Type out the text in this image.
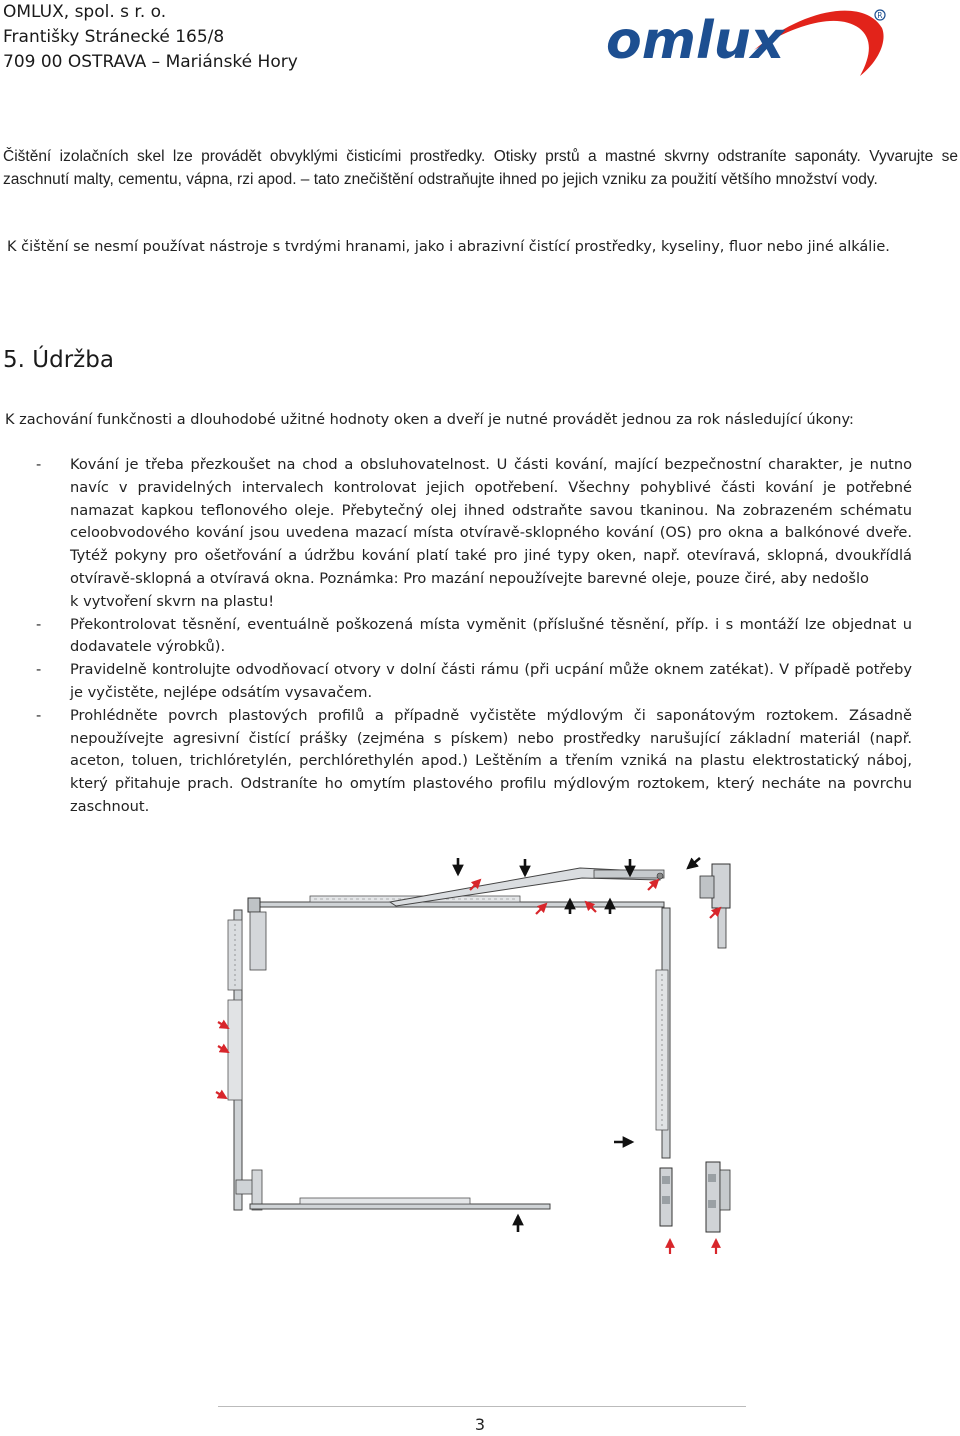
OMLUX, spol. s r. o.
Františky Stránecké 165/8
709 00 OSTRAVA – Mariánské Hory	omlux	R
Čištění izolačních skel lze provádět obvyklými čisticími prostředky. Otisky prstů a mastné skvrny odstraníte saponáty. Vyvarujte se zaschnutí malty, cementu, vápna, rzi apod. – tato znečištění odstraňujte ihned po jejich vzniku za použití většího množství vody.
K čištění se nesmí používat nástroje s tvrdými hranami, jako i abrazivní čistící prostředky, kyseliny, fluor nebo jiné alkálie.
5. Údržba
K zachování funkčnosti a dlouhodobé užitné hodnoty oken a dveří je nutné provádět jednou za rok následující úkony:
- Kování je třeba přezkoušet na chod a obsluhovatelnost. U části kování, mající bezpečnostní charakter, je nutno navíc v pravidelných intervalech kontrolovat jejich opotřebení. Všechny pohyblivé části kování je potřebné namazat kapkou teflonového oleje. Přebytečný olej ihned odstraňte savou tkaninou. Na zobrazeném schématu celoobvodového kování jsou uvedena mazací místa otvíravě-sklopného kování (OS) pro okna a balkónové dveře. Tytéž pokyny pro ošetřování a údržbu kování platí také pro jiné typy oken, např. otevíravá, sklopná, dvoukřídlá otvíravě-sklopná a otvíravá okna. Poznámka: Pro mazání nepoužívejte barevné oleje, pouze čiré, aby nedošlo
k vytvoření skvrn na plastu!
- Překontrolovat těsnění, eventuálně poškozená místa vyměnit (příslušné těsnění, příp. i s montáží lze objednat u dodavatele výrobků).
- Pravidelně kontrolujte odvodňovací otvory v dolní části rámu (při ucpání může oknem zatékat). V případě potřeby je vyčistěte, nejlépe odsátím vysavačem.
- Prohlédněte povrch plastových profilů a případně vyčistěte mýdlovým či saponátovým roztokem. Zásadně nepoužívejte agresivní čistící prášky (zejména s pískem) nebo prostředky narušující základní materiál (např. aceton, toluen, trichlóretylén, perchlórethylén apod.) Leštěním a třením vzniká na plastu elektrostatický náboj, který přitahuje prach. Odstraníte ho omytím plastového profilu mýdlovým roztokem, který necháte na povrchu zaschnout.
3
